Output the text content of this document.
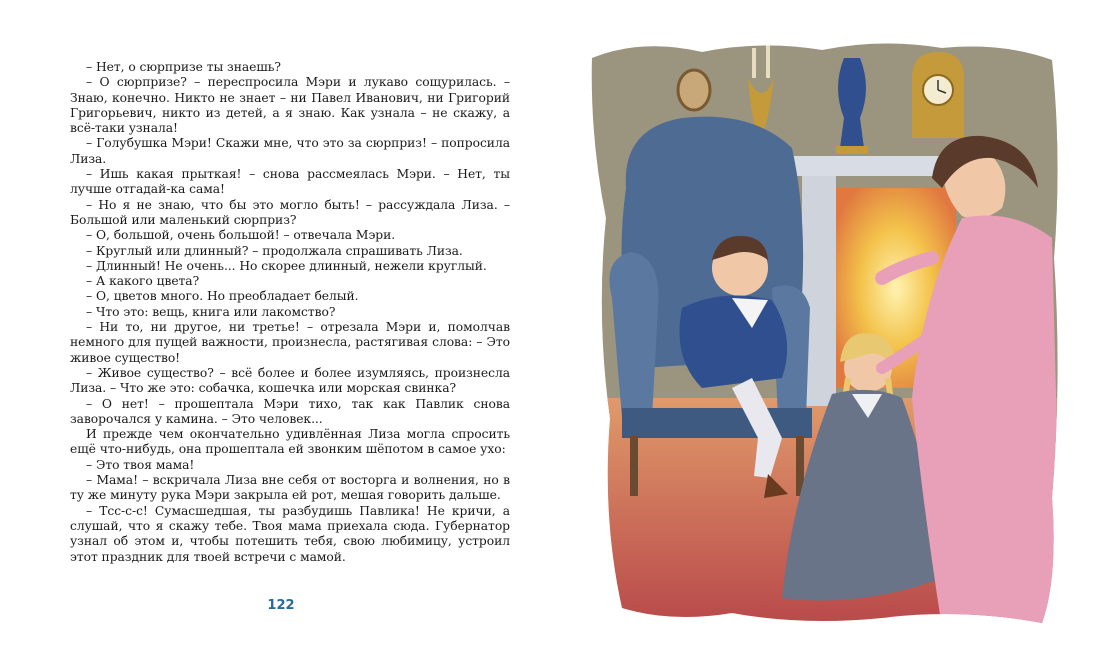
– Нет, о сюрпризе ты знаешь?

– О сюрпризе? – переспросила Мэри и лукаво сощурилась. – Знаю, конечно. Никто не знает – ни Павел Иванович, ни Григорий Григорьевич, никто из детей, а я знаю. Как узнала – не скажу, а всё-таки узнала!

– Голубушка Мэри! Скажи мне, что это за сюрприз! – попросила Лиза.

– Ишь какая прыткая! – снова рассмеялась Мэри. – Нет, ты лучше отгадай-ка сама!

– Но я не знаю, что бы это могло быть! – рассуждала Лиза. – Большой или маленький сюрприз?

– О, большой, очень большой! – отвечала Мэри.

– Круглый или длинный? – продолжала спрашивать Лиза.

– Длинный! Не очень... Но скорее длинный, нежели круглый.

– А какого цвета?

– О, цветов много. Но преобладает белый.

– Что это: вещь, книга или лакомство?

– Ни то, ни другое, ни третье! – отрезала Мэри и, помолчав немного для пущей важности, произнесла, растягивая слова: – Это живое существо!

– Живое существо? – всё более и более изумляясь, произнесла Лиза. – Что же это: собачка, кошечка или морская свинка?

– О нет! – прошептала Мэри тихо, так как Павлик снова заворочался у камина. – Это человек...

И прежде чем окончательно удивлённая Лиза могла спросить ещё что-нибудь, она прошептала ей звонким шёпотом в самое ухо:

– Это твоя мама!

– Мама! – вскричала Лиза вне себя от восторга и волнения, но в ту же минуту рука Мэри закрыла ей рот, мешая говорить дальше.

– Тсс-с-с! Сумасшедшая, ты разбудишь Павлика! Не кричи, а слушай, что я скажу тебе. Твоя мама приехала сюда. Губернатор узнал об этом и, чтобы потешить тебя, свою любимицу, устроил этот праздник для твоей встречи с мамой.

122
